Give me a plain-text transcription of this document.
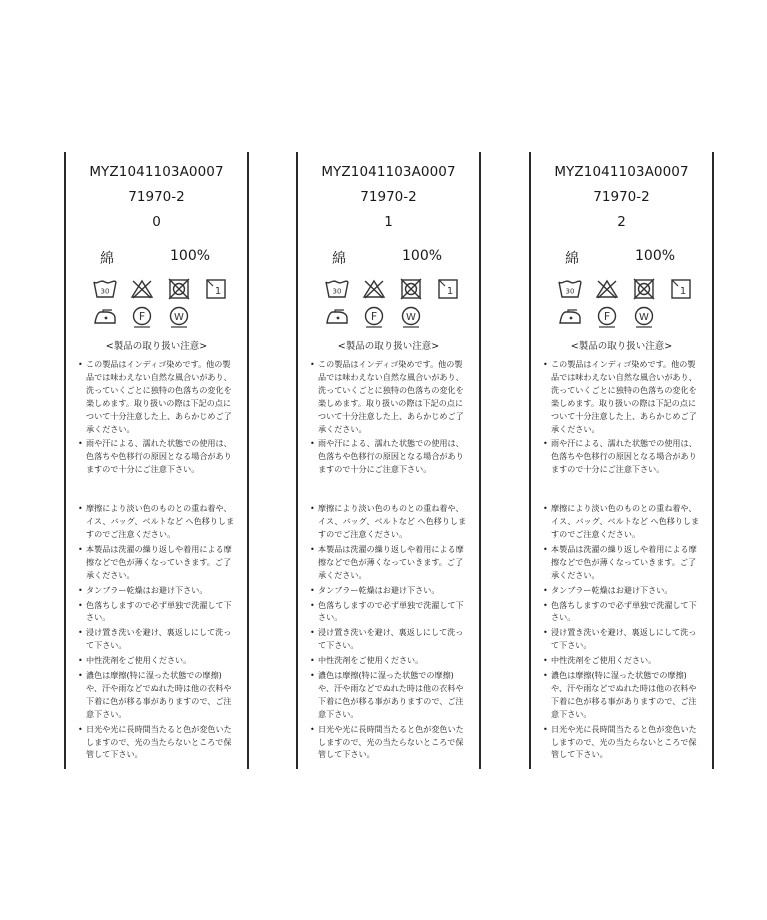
MYZ1041103A0007
71970-2
0
綿	100%
30	1
F	W
<製品の取り扱い注意>
• この製品はインディゴ染めです。他の製品では味わえない自然な風合いがあり、洗っていくごとに独特の色落ちの変化を楽しめます。取り扱いの際は下記の点について十分注意した上、あらかじめご了承ください。
• 雨や汗による、濡れた状態での使用は、色落ちや色移行の原因となる場合がありますので十分にご注意下さい。
• 摩擦により淡い色のものとの重ね着や、イス、バッグ、ベルトなど へ色移りしますのでご注意ください。
• 本製品は洗濯の繰り返しや着用による摩擦などで色が薄くなっていきます。ご了承ください。
• タンブラー乾燥はお避け下さい。
• 色落ちしますので必ず単独で洗濯して下さい。
• 浸け置き洗いを避け、裏返しにして洗って下さい。
• 中性洗剤をご使用ください。
• 濃色は摩擦(特に湿った状態での摩擦)や、汗や雨などでぬれた時は他の衣料や下着に色が移る事がありますので、ご注意下さい。
• 日光や光に長時間当たると色が変色いたしますので、光の当たらないところで保管して下さい。
MYZ1041103A0007
71970-2
1
綿	100%
30	1
F	W
<製品の取り扱い注意>
• この製品はインディゴ染めです。他の製品では味わえない自然な風合いがあり、洗っていくごとに独特の色落ちの変化を楽しめます。取り扱いの際は下記の点について十分注意した上、あらかじめご了承ください。
• 雨や汗による、濡れた状態での使用は、色落ちや色移行の原因となる場合がありますので十分にご注意下さい。
• 摩擦により淡い色のものとの重ね着や、イス、バッグ、ベルトなど へ色移りしますのでご注意ください。
• 本製品は洗濯の繰り返しや着用による摩擦などで色が薄くなっていきます。ご了承ください。
• タンブラー乾燥はお避け下さい。
• 色落ちしますので必ず単独で洗濯して下さい。
• 浸け置き洗いを避け、裏返しにして洗って下さい。
• 中性洗剤をご使用ください。
• 濃色は摩擦(特に湿った状態での摩擦)や、汗や雨などでぬれた時は他の衣料や下着に色が移る事がありますので、ご注意下さい。
• 日光や光に長時間当たると色が変色いたしますので、光の当たらないところで保管して下さい。
MYZ1041103A0007
71970-2
2
綿	100%
30	1
F	W
<製品の取り扱い注意>
• この製品はインディゴ染めです。他の製品では味わえない自然な風合いがあり、洗っていくごとに独特の色落ちの変化を楽しめます。取り扱いの際は下記の点について十分注意した上、あらかじめご了承ください。
• 雨や汗による、濡れた状態での使用は、色落ちや色移行の原因となる場合がありますので十分にご注意下さい。
• 摩擦により淡い色のものとの重ね着や、イス、バッグ、ベルトなど へ色移りしますのでご注意ください。
• 本製品は洗濯の繰り返しや着用による摩擦などで色が薄くなっていきます。ご了承ください。
• タンブラー乾燥はお避け下さい。
• 色落ちしますので必ず単独で洗濯して下さい。
• 浸け置き洗いを避け、裏返しにして洗って下さい。
• 中性洗剤をご使用ください。
• 濃色は摩擦(特に湿った状態での摩擦)や、汗や雨などでぬれた時は他の衣料や下着に色が移る事がありますので、ご注意下さい。
• 日光や光に長時間当たると色が変色いたしますので、光の当たらないところで保管して下さい。
